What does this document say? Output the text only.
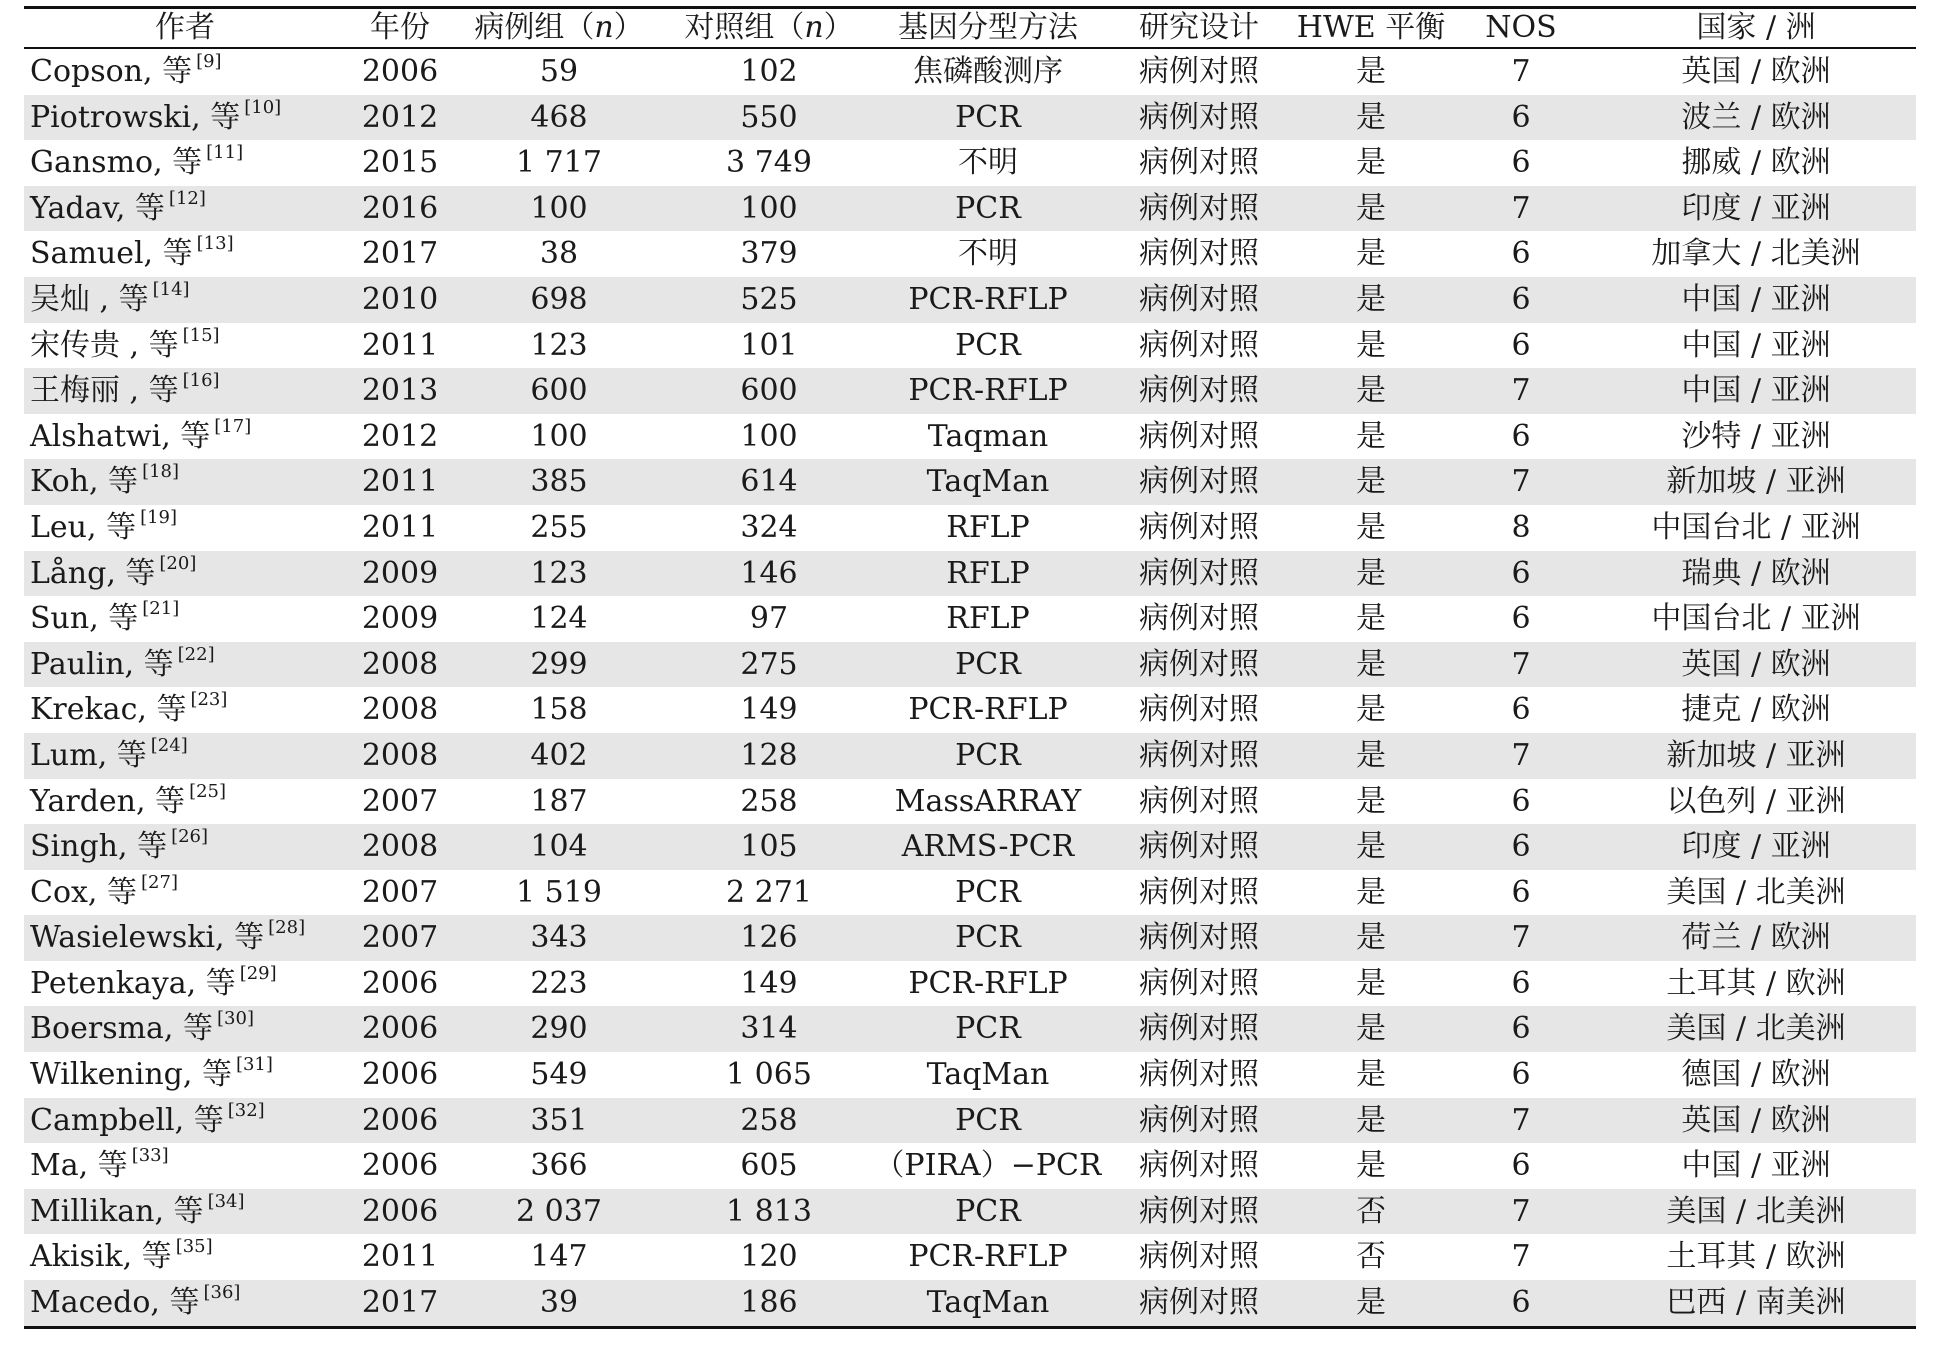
作者	年份	病例组（n）	对照组（n）	基因分型方法	研究设计	HWE 平衡	NOS	国家 / 洲
Copson, 等 [9]	2006	59	102	焦磷酸测序	病例对照	是	7	英国 / 欧洲
Piotrowski, 等 [10]	2012	468	550	PCR	病例对照	是	6	波兰 / 欧洲
Gansmo, 等 [11]	2015	1 717	3 749	不明	病例对照	是	6	挪威 / 欧洲
Yadav, 等 [12]	2016	100	100	PCR	病例对照	是	7	印度 / 亚洲
Samuel, 等 [13]	2017	38	379	不明	病例对照	是	6	加拿大 / 北美洲
吴灿 , 等 [14]	2010	698	525	PCR-RFLP	病例对照	是	6	中国 / 亚洲
宋传贵 , 等 [15]	2011	123	101	PCR	病例对照	是	6	中国 / 亚洲
王梅丽 , 等 [16]	2013	600	600	PCR-RFLP	病例对照	是	7	中国 / 亚洲
Alshatwi, 等 [17]	2012	100	100	Taqman	病例对照	是	6	沙特 / 亚洲
Koh, 等 [18]	2011	385	614	TaqMan	病例对照	是	7	新加坡 / 亚洲
Leu, 等 [19]	2011	255	324	RFLP	病例对照	是	8	中国台北 / 亚洲
Lång, 等 [20]	2009	123	146	RFLP	病例对照	是	6	瑞典 / 欧洲
Sun, 等 [21]	2009	124	97	RFLP	病例对照	是	6	中国台北 / 亚洲
Paulin, 等 [22]	2008	299	275	PCR	病例对照	是	7	英国 / 欧洲
Krekac, 等 [23]	2008	158	149	PCR-RFLP	病例对照	是	6	捷克 / 欧洲
Lum, 等 [24]	2008	402	128	PCR	病例对照	是	7	新加坡 / 亚洲
Yarden, 等 [25]	2007	187	258	MassARRAY	病例对照	是	6	以色列 / 亚洲
Singh, 等 [26]	2008	104	105	ARMS-PCR	病例对照	是	6	印度 / 亚洲
Cox, 等 [27]	2007	1 519	2 271	PCR	病例对照	是	6	美国 / 北美洲
Wasielewski, 等 [28]	2007	343	126	PCR	病例对照	是	7	荷兰 / 欧洲
Petenkaya, 等 [29]	2006	223	149	PCR-RFLP	病例对照	是	6	土耳其 / 欧洲
Boersma, 等 [30]	2006	290	314	PCR	病例对照	是	6	美国 / 北美洲
Wilkening, 等 [31]	2006	549	1 065	TaqMan	病例对照	是	6	德国 / 欧洲
Campbell, 等 [32]	2006	351	258	PCR	病例对照	是	7	英国 / 欧洲
Ma, 等 [33]	2006	366	605	（PIRA）−PCR	病例对照	是	6	中国 / 亚洲
Millikan, 等 [34]	2006	2 037	1 813	PCR	病例对照	否	7	美国 / 北美洲
Akisik, 等 [35]	2011	147	120	PCR-RFLP	病例对照	否	7	土耳其 / 欧洲
Macedo, 等 [36]	2017	39	186	TaqMan	病例对照	是	6	巴西 / 南美洲
